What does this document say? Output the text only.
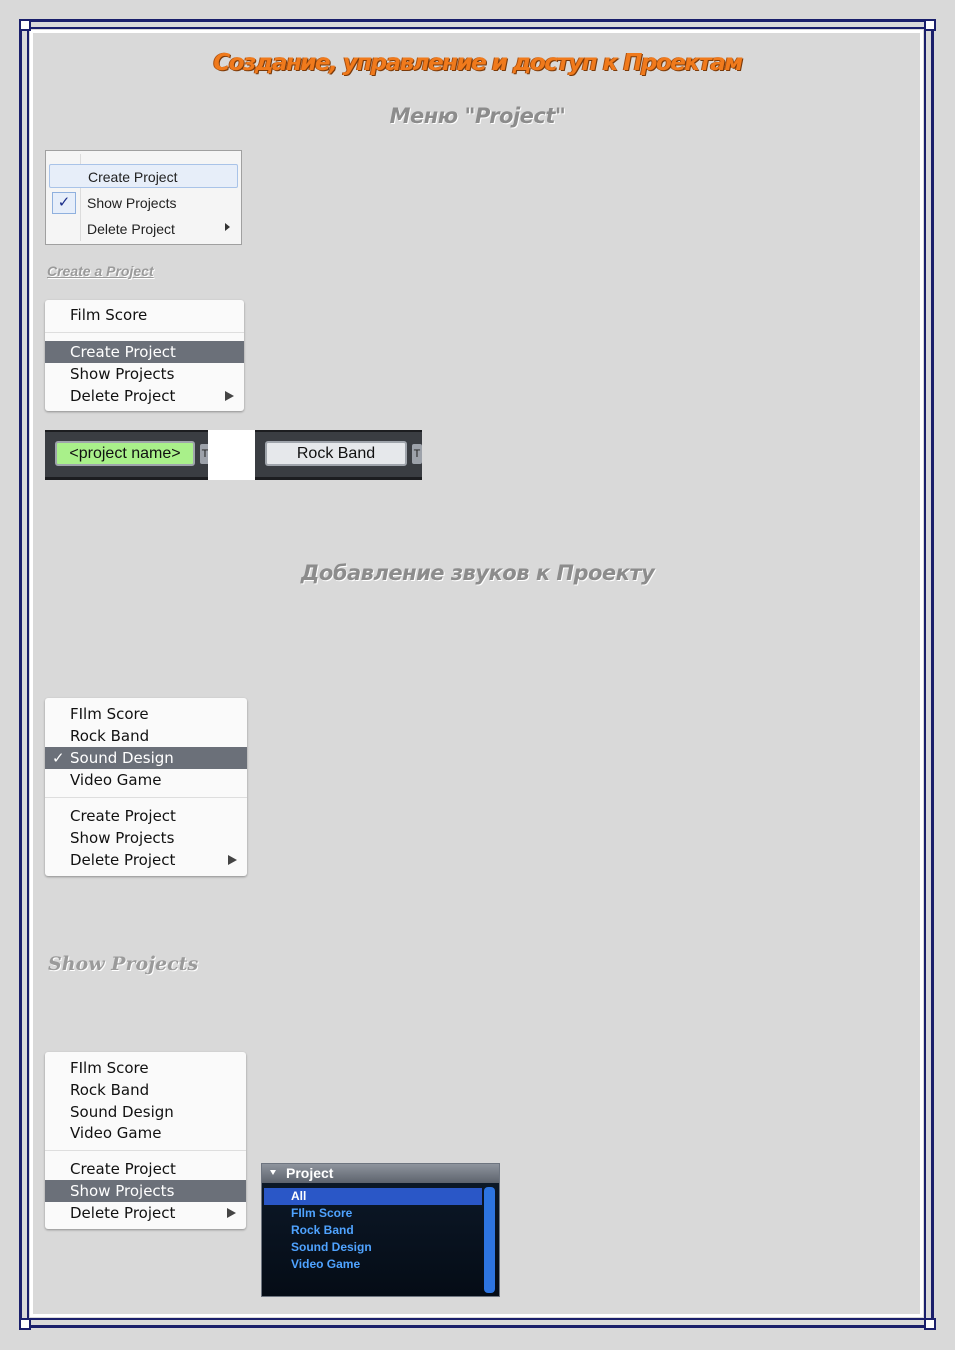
Создание, управление и доступ к Проектам
Меню "Project"
Create Project
✓	Show Projects
Delete Project
Create a Project
Film Score
Create Project
Show Projects
Delete Project
<project name>	T	Rock Band	T
Добавление звуков к Проекту
FIlm Score
Rock Band
✓ Sound Design
Video Game
Create Project
Show Projects
Delete Project
Show Projects
FIlm Score
Rock Band
Sound Design
Video Game
Create Project
Show Projects
Delete Project
Project
All
FIlm Score
Rock Band
Sound Design
Video Game
